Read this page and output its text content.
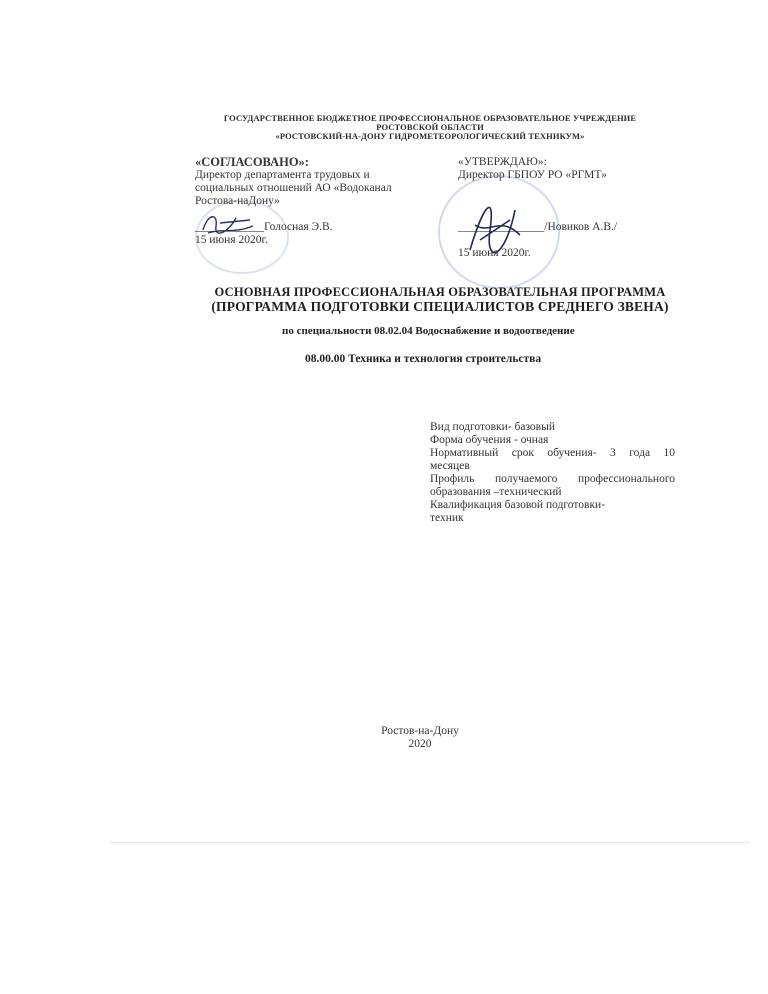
ГОСУДАРСТВЕННОЕ БЮДЖЕТНОЕ ПРОФЕССИОНАЛЬНОЕ ОБРАЗОВАТЕЛЬНОЕ УЧРЕЖДЕНИЕ
РОСТОВСКОЙ ОБЛАСТИ
«РОСТОВСКИЙ-НА-ДОНУ ГИДРОМЕТЕОРОЛОГИЧЕСКИЙ ТЕХНИКУМ»
«СОГЛАСОВАНО»:
Директор департамента трудовых и
социальных отношений АО «Водоканал
Ростова-наДону»
____________Голосная Э.В.
15 июня 2020г.
«УТВЕРЖДАЮ»:
Директор ГБПОУ РО «РГМТ»
_______________/Новиков А.В./
15 июня 2020г.
ОСНОВНАЯ ПРОФЕССИОНАЛЬНАЯ ОБРАЗОВАТЕЛЬНАЯ ПРОГРАММА
(ПРОГРАММА ПОДГОТОВКИ СПЕЦИАЛИСТОВ СРЕДНЕГО ЗВЕНА)
по специальности 08.02.04 Водоснабжение и водоотведение
08.00.00 Техника и технология строительства
Вид подготовки- базовый
Форма обучения - очная
Нормативный срок обучения- 3 года 10
месяцев
Профиль получаемого профессионального
образования –технический
Квалификация базовой подготовки-
техник
Ростов-на-Дону
2020
